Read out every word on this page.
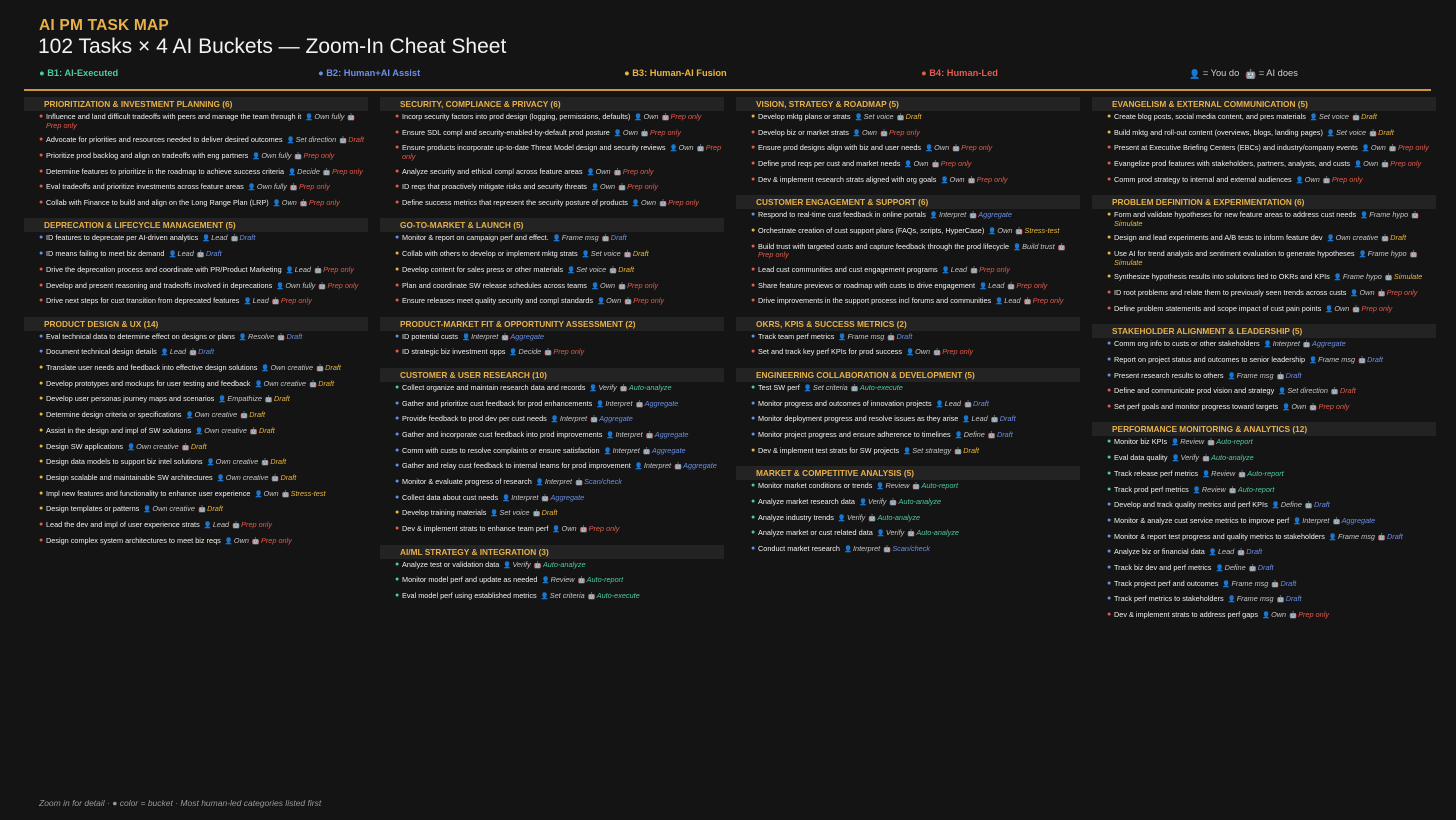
AI PM TASK MAP
102 Tasks × 4 AI Buckets — Zoom-In Cheat Sheet
● B1: AI-Executed	● B2: Human+AI Assist	● B3: Human-AI Fusion	● B4: Human-Led	👤 = You do 🤖 = AI does
PRIORITIZATION & INVESTMENT PLANNING (6)
● Influence and land difficult tradeoffs with peers and manage the team through it 👤Own fully 🤖Prep only
● Advocate for priorities and resources needed to deliver desired outcomes 👤Set direction 🤖Draft
● Prioritize prod backlog and align on tradeoffs with eng partners 👤Own fully 🤖Prep only
● Determine features to prioritize in the roadmap to achieve success criteria 👤Decide 🤖Prep only
● Eval tradeoffs and prioritize investments across feature areas 👤Own fully 🤖Prep only
● Collab with Finance to build and align on the Long Range Plan (LRP) 👤Own 🤖Prep only
DEPRECATION & LIFECYCLE MANAGEMENT (5)
● ID features to deprecate per AI-driven analytics 👤Lead 🤖Draft
● ID means failing to meet biz demand 👤Lead 🤖Draft
● Drive the deprecation process and coordinate with PR/Product Marketing 👤Lead 🤖Prep only
● Develop and present reasoning and tradeoffs involved in deprecations 👤Own fully 🤖Prep only
● Drive next steps for cust transition from deprecated features 👤Lead 🤖Prep only
PRODUCT DESIGN & UX (14)
● Eval technical data to determine effect on designs or plans 👤Resolve 🤖Draft
● Document technical design details 👤Lead 🤖Draft
● Translate user needs and feedback into effective design solutions 👤Own creative 🤖Draft
● Develop prototypes and mockups for user testing and feedback 👤Own creative 🤖Draft
● Develop user personas journey maps and scenarios 👤Empathize 🤖Draft
● Determine design criteria or specifications 👤Own creative 🤖Draft
● Assist in the design and impl of SW solutions 👤Own creative 🤖Draft
● Design SW applications 👤Own creative 🤖Draft
● Design data models to support biz intel solutions 👤Own creative 🤖Draft
● Design scalable and maintainable SW architectures 👤Own creative 🤖Draft
● Impl new features and functionality to enhance user experience 👤Own 🤖Stress-test
● Design templates or patterns 👤Own creative 🤖Draft
● Lead the dev and impl of user experience strats 👤Lead 🤖Prep only
● Design complex system architectures to meet biz reqs 👤Own 🤖Prep only
SECURITY, COMPLIANCE & PRIVACY (6)
● Incorp security factors into prod design (logging, permissions, defaults) 👤Own 🤖Prep only
● Ensure SDL compl and security-enabled-by-default prod posture 👤Own 🤖Prep only
● Ensure products incorporate up-to-date Threat Model design and security reviews 👤Own 🤖Prep only
● Analyze security and ethical compl across feature areas 👤Own 🤖Prep only
● ID reqs that proactively mitigate risks and security threats 👤Own 🤖Prep only
● Define success metrics that represent the security posture of products 👤Own 🤖Prep only
GO-TO-MARKET & LAUNCH (5)
● Monitor & report on campaign perf and effect. 👤Frame msg 🤖Draft
● Collab with others to develop or implement mktg strats 👤Set voice 🤖Draft
● Develop content for sales press or other materials 👤Set voice 🤖Draft
● Plan and coordinate SW release schedules across teams 👤Own 🤖Prep only
● Ensure releases meet quality security and compl standards 👤Own 🤖Prep only
PRODUCT-MARKET FIT & OPPORTUNITY ASSESSMENT (2)
● ID potential custs 👤Interpret 🤖Aggregate
● ID strategic biz investment opps 👤Decide 🤖Prep only
CUSTOMER & USER RESEARCH (10)
● Collect organize and maintain research data and records 👤Verify 🤖Auto-analyze
● Gather and prioritize cust feedback for prod enhancements 👤Interpret 🤖Aggregate
● Provide feedback to prod dev per cust needs 👤Interpret 🤖Aggregate
● Gather and incorporate cust feedback into prod improvements 👤Interpret 🤖Aggregate
● Comm with custs to resolve complaints or ensure satisfaction 👤Interpret 🤖Aggregate
● Gather and relay cust feedback to internal teams for prod improvement 👤Interpret 🤖Aggregate
● Monitor & evaluate progress of research 👤Interpret 🤖Scan/check
● Collect data about cust needs 👤Interpret 🤖Aggregate
● Develop training materials 👤Set voice 🤖Draft
● Dev & implement strats to enhance team perf 👤Own 🤖Prep only
AI/ML STRATEGY & INTEGRATION (3)
● Analyze test or validation data 👤Verify 🤖Auto-analyze
● Monitor model perf and update as needed 👤Review 🤖Auto-report
● Eval model perf using established metrics 👤Set criteria 🤖Auto-execute
VISION, STRATEGY & ROADMAP (5)
● Develop mktg plans or strats 👤Set voice 🤖Draft
● Develop biz or market strats 👤Own 🤖Prep only
● Ensure prod designs align with biz and user needs 👤Own 🤖Prep only
● Define prod reqs per cust and market needs 👤Own 🤖Prep only
● Dev & implement research strats aligned with org goals 👤Own 🤖Prep only
CUSTOMER ENGAGEMENT & SUPPORT (6)
● Respond to real-time cust feedback in online portals 👤Interpret 🤖Aggregate
● Orchestrate creation of cust support plans (FAQs, scripts, HyperCase) 👤Own 🤖Stress-test
● Build trust with targeted custs and capture feedback through the prod lifecycle 👤Build trust 🤖Prep only
● Lead cust communities and cust engagement programs 👤Lead 🤖Prep only
● Share feature previews or roadmap with custs to drive engagement 👤Lead 🤖Prep only
● Drive improvements in the support process incl forums and communities 👤Lead 🤖Prep only
OKRS, KPIS & SUCCESS METRICS (2)
● Track team perf metrics 👤Frame msg 🤖Draft
● Set and track key perf KPIs for prod success 👤Own 🤖Prep only
ENGINEERING COLLABORATION & DEVELOPMENT (5)
● Test SW perf 👤Set criteria 🤖Auto-execute
● Monitor progress and outcomes of innovation projects 👤Lead 🤖Draft
● Monitor deployment progress and resolve issues as they arise 👤Lead 🤖Draft
● Monitor project progress and ensure adherence to timelines 👤Define 🤖Draft
● Dev & implement test strats for SW projects 👤Set strategy 🤖Draft
MARKET & COMPETITIVE ANALYSIS (5)
● Monitor market conditions or trends 👤Review 🤖Auto-report
● Analyze market research data 👤Verify 🤖Auto-analyze
● Analyze industry trends 👤Verify 🤖Auto-analyze
● Analyze market or cust related data 👤Verify 🤖Auto-analyze
● Conduct market research 👤Interpret 🤖Scan/check
EVANGELISM & EXTERNAL COMMUNICATION (5)
● Create blog posts, social media content, and pres materials 👤Set voice 🤖Draft
● Build mktg and roll-out content (overviews, blogs, landing pages) 👤Set voice 🤖Draft
● Present at Executive Briefing Centers (EBCs) and industry/company events 👤Own 🤖Prep only
● Evangelize prod features with stakeholders, partners, analysts, and custs 👤Own 🤖Prep only
● Comm prod strategy to internal and external audiences 👤Own 🤖Prep only
PROBLEM DEFINITION & EXPERIMENTATION (6)
● Form and validate hypotheses for new feature areas to address cust needs 👤Frame hypo 🤖Simulate
● Design and lead experiments and A/B tests to inform feature dev 👤Own creative 🤖Draft
● Use AI for trend analysis and sentiment evaluation to generate hypotheses 👤Frame hypo 🤖Simulate
● Synthesize hypothesis results into solutions tied to OKRs and KPIs 👤Frame hypo 🤖Simulate
● ID root problems and relate them to previously seen trends across custs 👤Own 🤖Prep only
● Define problem statements and scope impact of cust pain points 👤Own 🤖Prep only
STAKEHOLDER ALIGNMENT & LEADERSHIP (5)
● Comm org info to custs or other stakeholders 👤Interpret 🤖Aggregate
● Report on project status and outcomes to senior leadership 👤Frame msg 🤖Draft
● Present research results to others 👤Frame msg 🤖Draft
● Define and communicate prod vision and strategy 👤Set direction 🤖Draft
● Set perf goals and monitor progress toward targets 👤Own 🤖Prep only
PERFORMANCE MONITORING & ANALYTICS (12)
● Monitor biz KPIs 👤Review 🤖Auto-report
● Eval data quality 👤Verify 🤖Auto-analyze
● Track release perf metrics 👤Review 🤖Auto-report
● Track prod perf metrics 👤Review 🤖Auto-report
● Develop and track quality metrics and perf KPIs 👤Define 🤖Draft
● Monitor & analyze cust service metrics to improve perf 👤Interpret 🤖Aggregate
● Monitor & report test progress and quality metrics to stakeholders 👤Frame msg 🤖Draft
● Analyze biz or financial data 👤Lead 🤖Draft
● Track biz dev and perf metrics 👤Define 🤖Draft
● Track project perf and outcomes 👤Frame msg 🤖Draft
● Track perf metrics to stakeholders 👤Frame msg 🤖Draft
● Dev & implement strats to address perf gaps 👤Own 🤖Prep only
Zoom in for detail · ● color = bucket · Most human-led categories listed first
